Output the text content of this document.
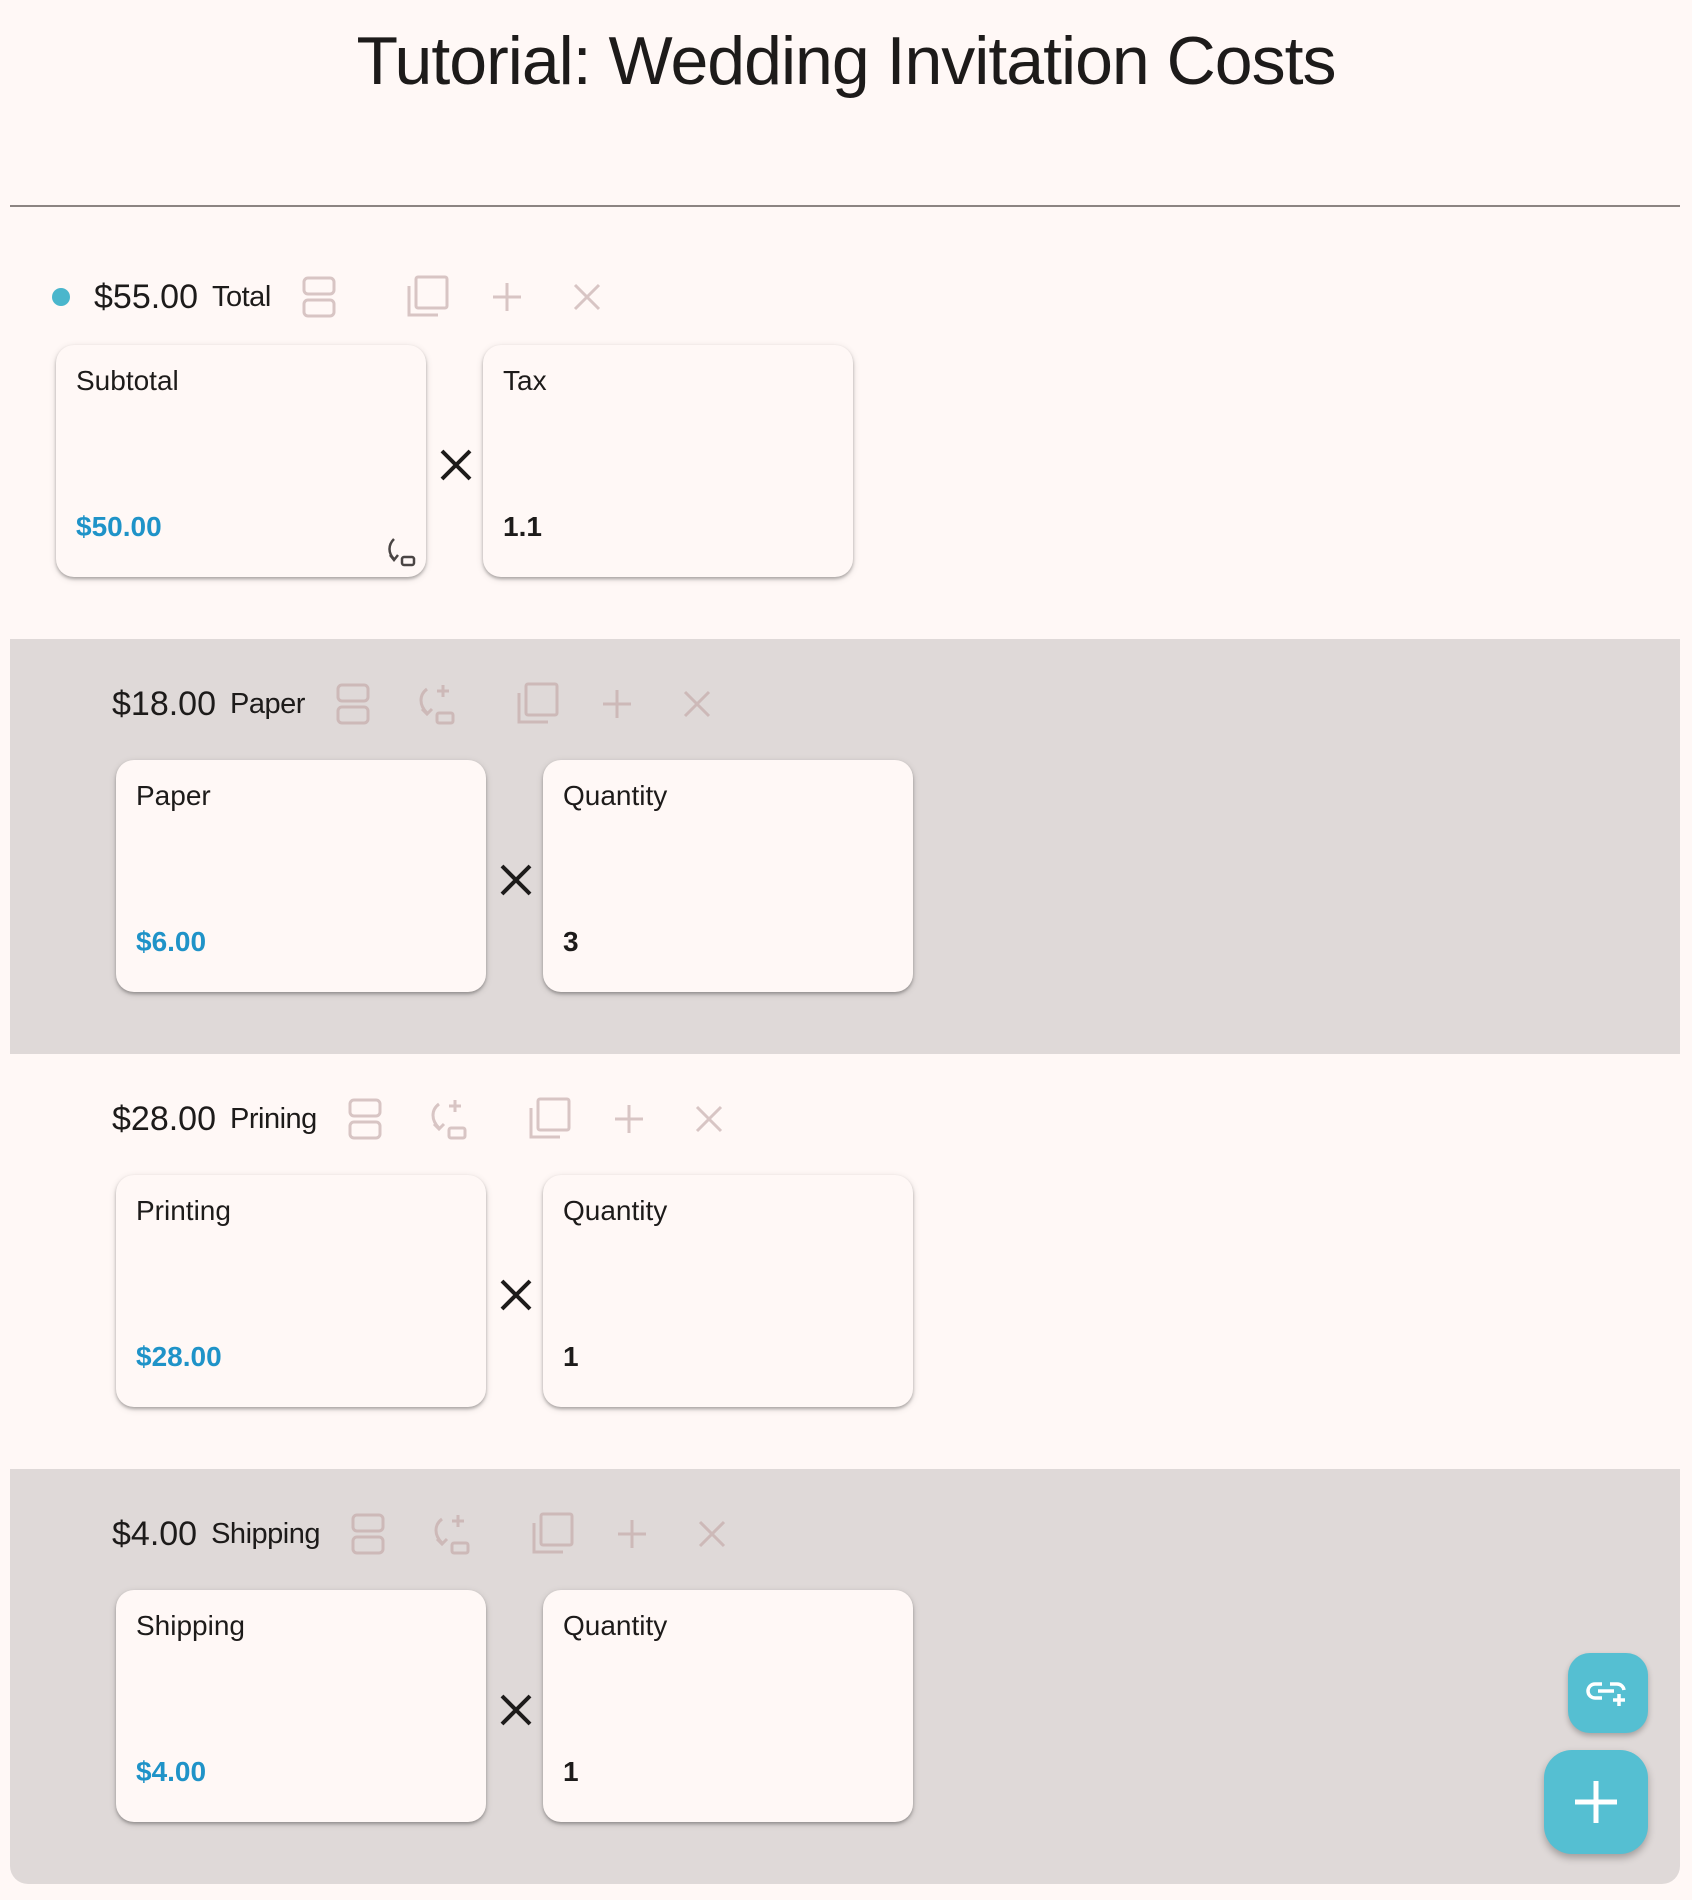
Tutorial: Wedding Invitation Costs
$55.00 Total
Subtotal
$50.00
Tax
1.1
$18.00 Paper
Paper
$6.00
Quantity
3
$28.00 Prining
Printing
$28.00
Quantity
1
$4.00 Shipping
Shipping
$4.00
Quantity
1
